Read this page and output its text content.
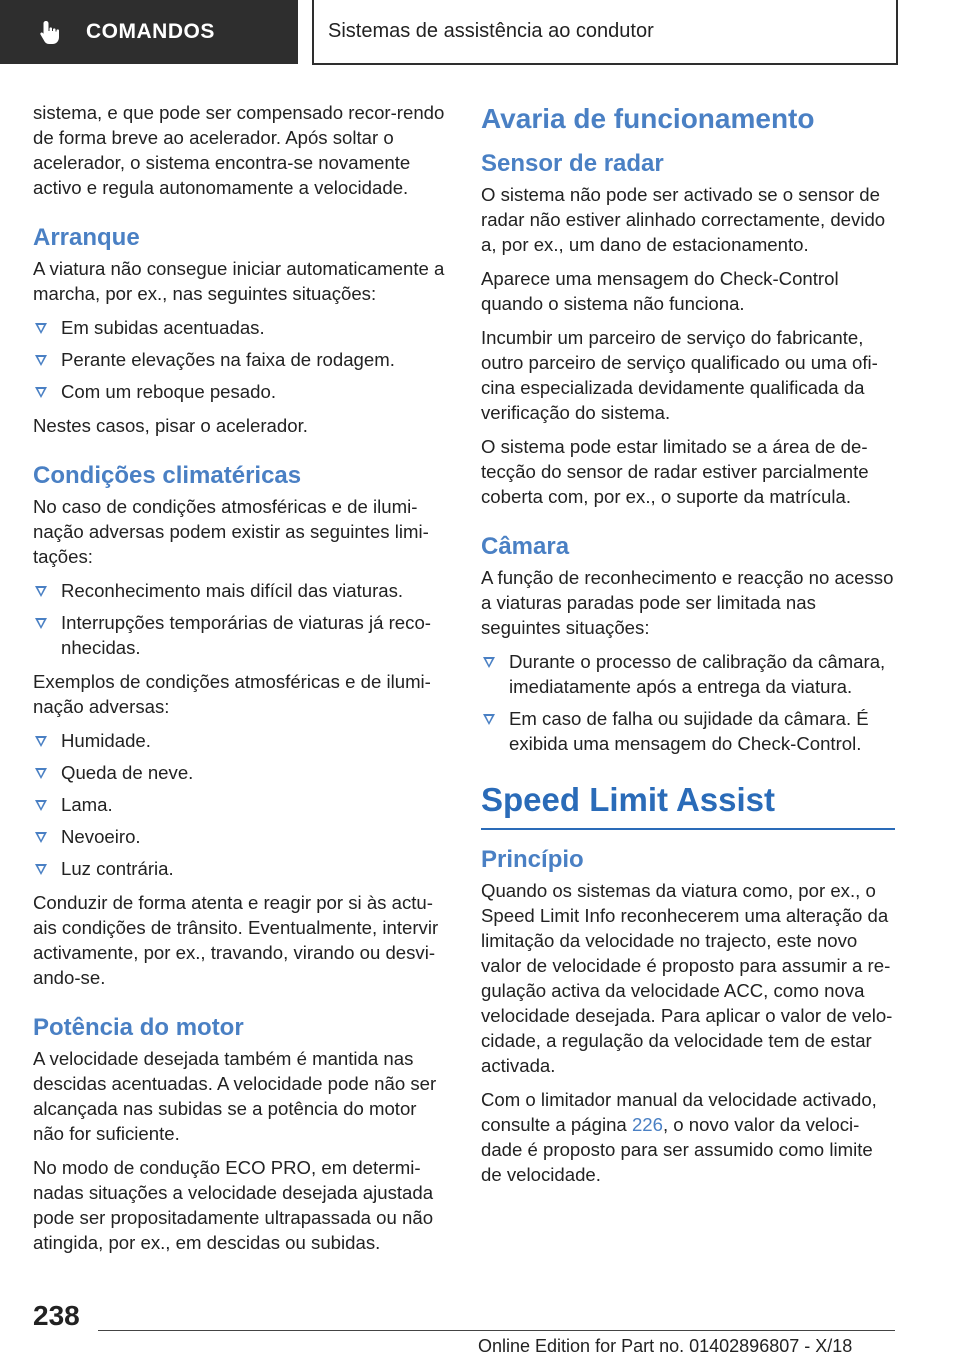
COMANDOS	Sistemas de assistência ao condutor

sistema, e que pode ser compensado recor-rendo de forma breve ao acelerador. Após soltar o acelerador, o sistema encontra-se novamente activo e regula autonomamente a velocidade.

Arranque

A viatura não consegue iniciar automaticamente a marcha, por ex., nas seguintes situações:

Em subidas acentuadas.
Perante elevações na faixa de rodagem.
Com um reboque pesado.

Nestes casos, pisar o acelerador.

Condições climatéricas

No caso de condições atmosféricas e de ilumi-nação adversas podem existir as seguintes limi-tações:

Reconhecimento mais difícil das viaturas.
Interrupções temporárias de viaturas já reco-nhecidas.

Exemplos de condições atmosféricas e de ilumi-nação adversas:

Humidade.
Queda de neve.
Lama.
Nevoeiro.
Luz contrária.

Conduzir de forma atenta e reagir por si às actu-ais condições de trânsito. Eventualmente, intervir activamente, por ex., travando, virando ou desvi-ando-se.

Potência do motor

A velocidade desejada também é mantida nas descidas acentuadas. A velocidade pode não ser alcançada nas subidas se a potência do motor não for suficiente.

No modo de condução ECO PRO, em determi-nadas situações a velocidade desejada ajustada pode ser propositadamente ultrapassada ou não atingida, por ex., em descidas ou subidas.

Avaria de funcionamento
Sensor de radar

O sistema não pode ser activado se o sensor de radar não estiver alinhado correctamente, devido a, por ex., um dano de estacionamento.

Aparece uma mensagem do Check-Control quando o sistema não funciona.

Incumbir um parceiro de serviço do fabricante, outro parceiro de serviço qualificado ou uma ofi-cina especializada devidamente qualificada da verificação do sistema.

O sistema pode estar limitado se a área de de-tecção do sensor de radar estiver parcialmente coberta com, por ex., o suporte da matrícula.

Câmara

A função de reconhecimento e reacção no acesso a viaturas paradas pode ser limitada nas seguintes situações:

Durante o processo de calibração da câmara, imediatamente após a entrega da viatura.
Em caso de falha ou sujidade da câmara. É exibida uma mensagem do Check-Control.
Speed Limit Assist
Princípio

Quando os sistemas da viatura como, por ex., o Speed Limit Info reconhecerem uma alteração da limitação da velocidade no trajecto, este novo valor de velocidade é proposto para assumir a re-gulação activa da velocidade ACC, como nova velocidade desejada. Para aplicar o valor de velo-cidade, a regulação da velocidade tem de estar activada.

Com o limitador manual da velocidade activado, consulte a página 226, o novo valor da veloci-dade é proposto para ser assumido como limite de velocidade.

238
Online Edition for Part no. 01402896807 - X/18
